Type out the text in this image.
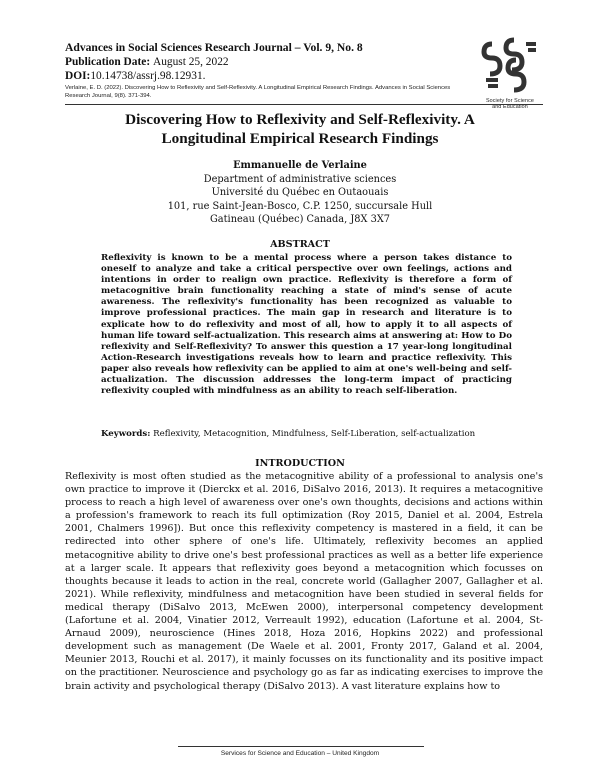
Advances in Social Sciences Research Journal – Vol. 9, No. 8

Publication Date: August 25, 2022

DOI:10.14738/assrj.98.12931.

Verlaine, E. D. (2022). Discovering How to Reflexivity and Self-Reflexivity. A Longitudinal Empirical Research Findings. Advances in Social Sciences Research Journal, 9(8). 371-394.
Society for Science
and Education
Discovering How to Reflexivity and Self-Reflexivity. A
Longitudinal Empirical Research Findings
Emmanuelle de Verlaine
Department of administrative sciences
Université du Québec en Outaouais
101, rue Saint-Jean-Bosco, C.P. 1250, succursale Hull
Gatineau (Québec) Canada, J8X 3X7
ABSTRACT
Reflexivity is known to be a mental process where a person takes distance to oneself to analyze and take a critical perspective over own feelings, actions and intentions in order to realign own practice. Reflexivity is therefore a form of metacognitive brain functionality reaching a state of mind's sense of acute awareness. The reflexivity's functionality has been recognized as valuable to improve professional practices. The main gap in research and literature is to explicate how to do reflexivity and most of all, how to apply it to all aspects of human life toward self-actualization. This research aims at answering at: How to Do reflexivity and Self-Reflexivity? To answer this question a 17 year-long longitudinal Action-Research investigations reveals how to learn and practice reflexivity. This paper also reveals how reflexivity can be applied to aim at one's well-being and self-actualization. The discussion addresses the long-term impact of practicing reflexivity coupled with mindfulness as an ability to reach self-liberation.
Keywords: Reflexivity, Metacognition, Mindfulness, Self-Liberation, self-actualization
INTRODUCTION
Reflexivity is most often studied as the metacognitive ability of a professional to analysis one's own practice to improve it (Dierckx et al. 2016, DiSalvo 2016, 2013). It requires a metacognitive process to reach a high level of awareness over one's own thoughts, decisions and actions within a profession's framework to reach its full optimization (Roy 2015, Daniel et al. 2004, Estrela 2001, Chalmers 1996]). But once this reflexivity competency is mastered in a field, it can be redirected into other sphere of one's life. Ultimately, reflexivity becomes an applied metacognitive ability to drive one's best professional practices as well as a better life experience at a larger scale. It appears that reflexivity goes beyond a metacognition which focusses on thoughts because it leads to action in the real, concrete world (Gallagher 2007, Gallagher et al. 2021). While reflexivity, mindfulness and metacognition have been studied in several fields for medical therapy (DiSalvo 2013, McEwen 2000), interpersonal competency development (Lafortune et al. 2004, Vinatier 2012, Verreault 1992), education (Lafortune et al. 2004, St-Arnaud 2009), neuroscience (Hines 2018, Hoza 2016, Hopkins 2022) and professional development such as management (De Waele et al. 2001, Fronty 2017, Galand et al. 2004, Meunier 2013, Rouchi et al. 2017), it mainly focusses on its functionality and its positive impact on the practitioner. Neuroscience and psychology go as far as indicating exercises to improve the brain activity and psychological therapy (DiSalvo 2013). A vast literature explains how to
Services for Science and Education – United Kingdom
